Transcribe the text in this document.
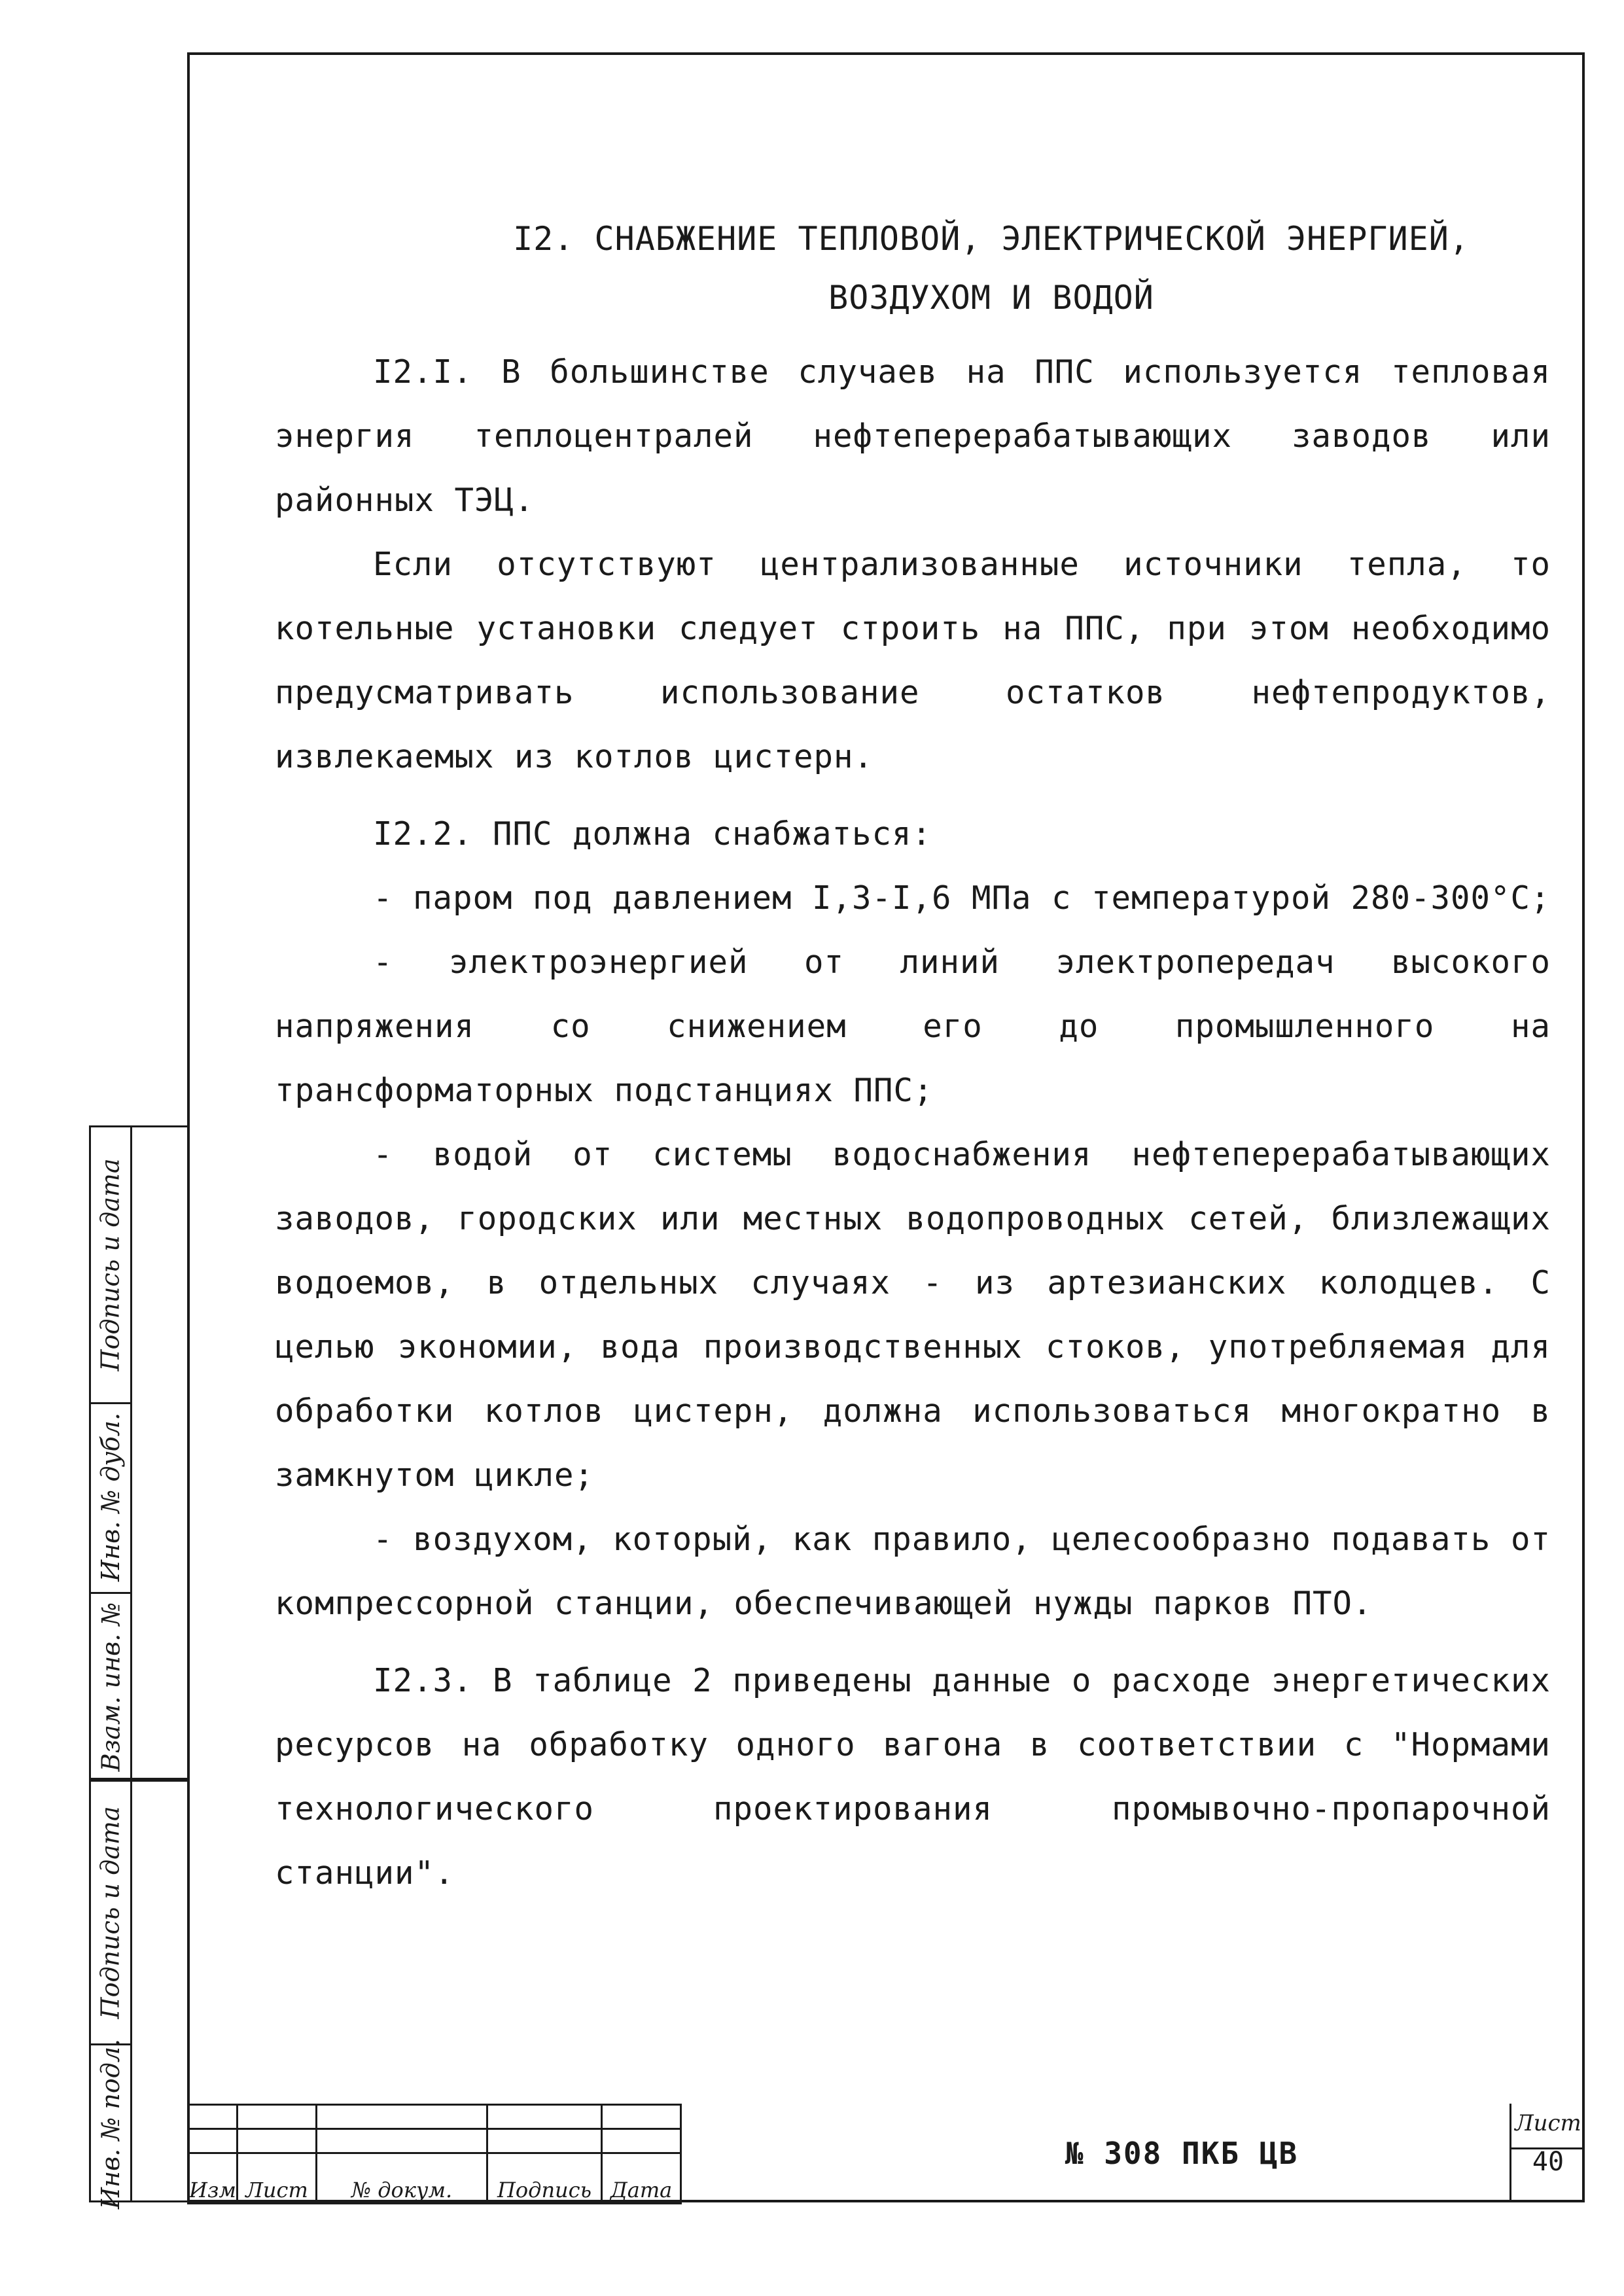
I2. СНАБЖЕНИЕ ТЕПЛОВОЙ, ЭЛЕКТРИЧЕСКОЙ ЭНЕРГИЕЙ,
ВОЗДУХОМ И ВОДОЙ

I2.I. В большинстве случаев на ППС используется тепловая энергия теплоцентралей нефтеперерабатывающих заводов или районных ТЭЦ.

Если отсутствуют централизованные источники тепла, то котельные установки следует строить на ППС, при этом необходимо предусматривать использование остатков нефтепродуктов, извлекаемых из котлов цистерн.

I2.2. ППС должна снабжаться:

- паром под давлением I,3-I,6 МПа с температурой 280-300°С;

- электроэнергией от линий электропередач высокого напряжения со снижением его до промышленного на трансформаторных подстанциях ППС;

- водой от системы водоснабжения нефтеперерабатывающих заводов, городских или местных водопроводных сетей, близлежащих водоемов, в отдельных случаях - из артезианских колодцев. С целью экономии, вода производственных стоков, употребляемая для обработки котлов цистерн, должна использоваться многократно в замкнутом цикле;

- воздухом, который, как правило, целесообразно подавать от компрессорной станции, обеспечивающей нужды парков ПТО.

I2.3. В таблице 2 приведены данные о расходе энергетических ресурсов на обработку одного вагона в соответствии с "Нормами технологического проектирования промывочно-пропарочной станции".

Подпись и дата
Инв. № дубл.
Взам. инв. №
Подпись и дата
Инв. № подл.

					Изм	Лист	№ докум.	Подпись	Дата
№ 308 ПКБ ЦВ
Лист
40
